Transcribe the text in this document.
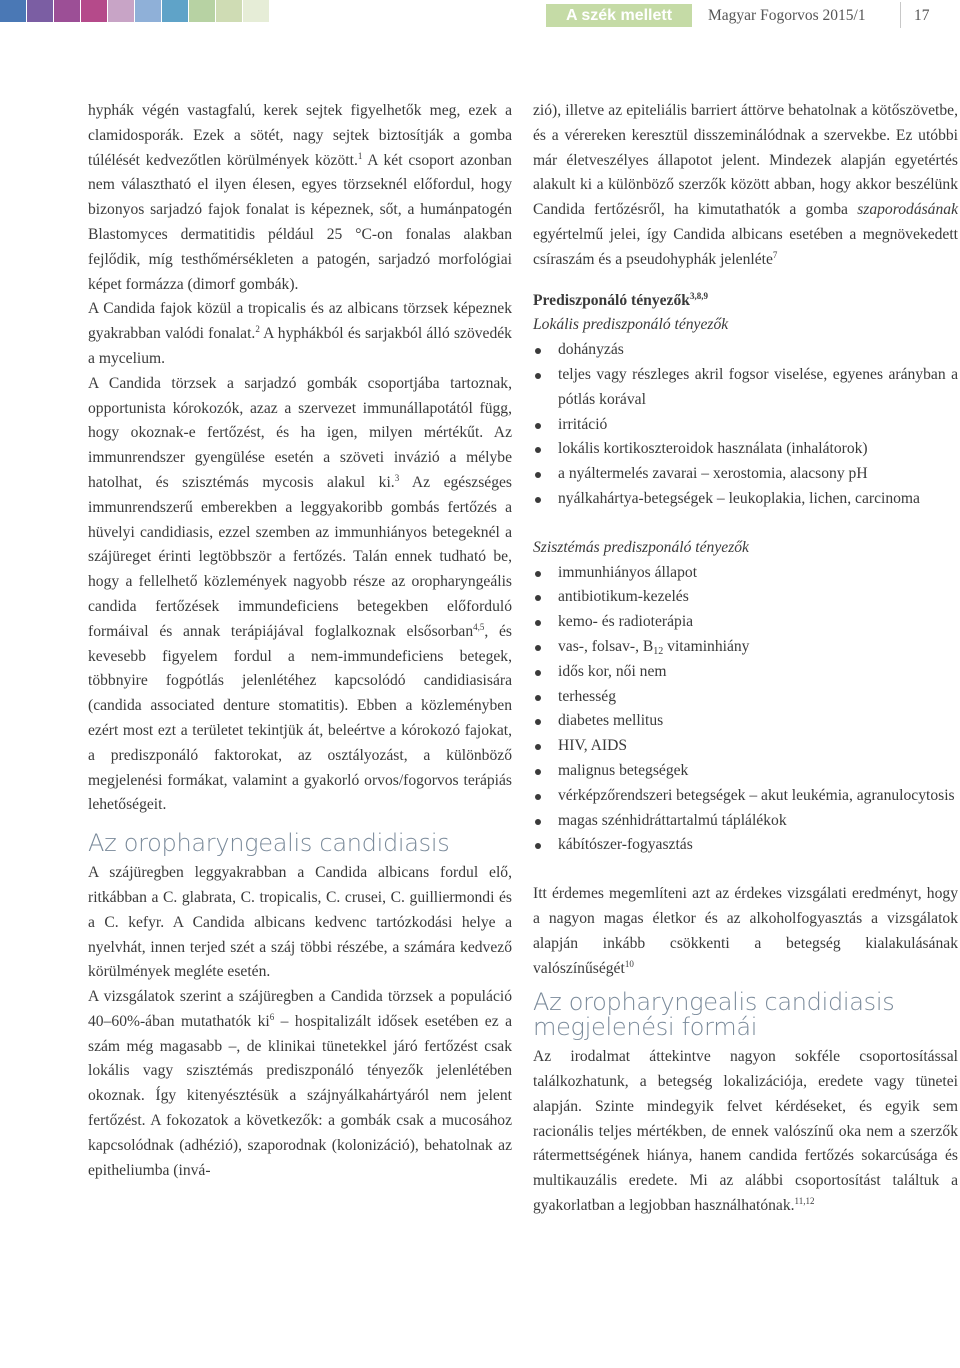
A szék mellett	Magyar Fogorvos 2015/1	17

hyphák végén vastagfalú, kerek sejtek figyelhetők meg, ezek a clamidosporák. Ezek a sötét, nagy sejtek biztosítják a gomba túlélését kedvezőtlen körülmények között.$^1$ A két csoport azonban nem választható el ilyen élesen, egyes törzseknél előfordul, hogy bizonyos sarjadzó fajok fonalat is képeznek, sőt, a humánpatogén Blastomyces dermatitidis például 25 °C-on fonalas alakban fejlődik, míg testhőmérsékleten a patogén, sarjadzó morfológiai képet formázza (dimorf gombák).

A Candida fajok közül a tropicalis és az albicans törzsek képeznek gyakrabban valódi fonalat.$^2$ A hyphákból és sarjakból álló szövedék a mycelium.

A Candida törzsek a sarjadzó gombák csoportjába tartoznak, opportunista kórokozók, azaz a szervezet immunállapotától függ, hogy okoznak-e fertőzést, és ha igen, milyen mértékűt. Az immunrendszer gyengülése esetén a szöveti invázió a mélybe hatolhat, és szisztémás mycosis alakul ki.$^3$ Az egészséges immunrendszerű emberekben a leggyakoribb gombás fertőzés a hüvelyi candidiasis, ezzel szemben az immunhiányos betegeknél a szájüreget érinti legtöbbször a fertőzés. Talán ennek tudható be, hogy a fellelhető közlemények nagyobb része az oropharyngeális candida fertőzések immundeficiens betegekben előforduló formáival és annak terápiájával foglalkoznak elsősorban$^{4,5}$, és kevesebb figyelem fordul a nem-immundeficiens betegek, többnyire fogpótlás jelenlétéhez kapcsolódó candidiasisára (candida associated denture stomatitis). Ebben a közleményben ezért most ezt a területet tekintjük át, beleértve a kórokozó fajokat, a prediszponáló faktorokat, az osztályozást, a különböző megjelenési formákat, valamint a gyakorló orvos/fogorvos terápiás lehetőségeit.

Az oropharyngealis candidiasis

A szájüregben leggyakrabban a Candida albicans fordul elő, ritkábban a C. glabrata, C. tropicalis, C. crusei, C. guilliermondi és a C. kefyr. A Candida albicans kedvenc tartózkodási helye a nyelvhát, innen terjed szét a száj többi részébe, a számára kedvező körülmények megléte esetén.

A vizsgálatok szerint a szájüregben a Candida törzsek a populáció 40–60%-ában mutathatók $ki^6$ – hospitalizált idősek esetében ez a szám még magasabb –, de klinikai tünetekkel járó fertőzést csak lokális vagy szisztémás prediszponáló tényezők jelenlétében okoznak. Így kitenyésztésük a szájnyálkahártyáról nem jelent fertőzést. A fokozatok a következők: a gombák csak a mucosához kapcsolódnak (adhézió), szaporodnak (kolonizáció), behatolnak az epitheliumba (invá-

zió), illetve az epiteliális barriert áttörve behatolnak a kötőszövetbe, és a vérereken keresztül disszeminálódnak a szervekbe. Ez utóbbi már életveszélyes állapotot jelent. Mindezek alapján egyetértés alakult ki a különböző szerzők között abban, hogy akkor beszélünk Candida fertőzésről, ha kimutathatók a gomba szaporodásának egyértelmű jelei, így Candida albicans esetében a megnövekedett csíraszám és a pseudohyphák jelenléte$^7$

Prediszponáló tényezők$^{3,8,9}$
Lokális prediszponáló tényezők
dohányzás
teljes vagy részleges akril fogsor viselése, egyenes arányban a pótlás korával
irritáció
lokális kortikoszteroidok használata (inhalátorok)
a nyáltermelés zavarai – xerostomia, alacsony pH
nyálkahártya-betegségek – leukoplakia, lichen, carcinoma
Szisztémás prediszponáló tényezők
immunhiányos állapot
antibiotikum-kezelés
kemo- és radioterápia
vas-, folsav-, $B_{12}$ vitaminhiány
idős kor, női nem
terhesség
diabetes mellitus
HIV, AIDS
malignus betegségek
vérképzőrendszeri betegségek – akut leukémia, agranulocytosis
magas szénhidráttartalmú táplálékok
kábítószer-fogyasztás

Itt érdemes megemlíteni azt az érdekes vizsgálati eredményt, hogy a nagyon magas életkor és az alkoholfogyasztás a vizsgálatok alapján inkább csökkenti a betegség kialakulásának valószínűségét$^{10}$

Az oropharyngealis candidiasis megjelenési formái

Az irodalmat áttekintve nagyon sokféle csoportosítással találkozhatunk, a betegség lokalizációja, eredete vagy tünetei alapján. Szinte mindegyik felvet kérdéseket, és egyik sem racionális teljes mértékben, de ennek valószínű oka nem a szerzők rátermettségének hiánya, hanem candida fertőzés sokarcúsága és multikauzális eredete. Mi az alábbi csoportosítást találtuk a gyakorlatban a legjobban használhatónak.$^{11,12}$
